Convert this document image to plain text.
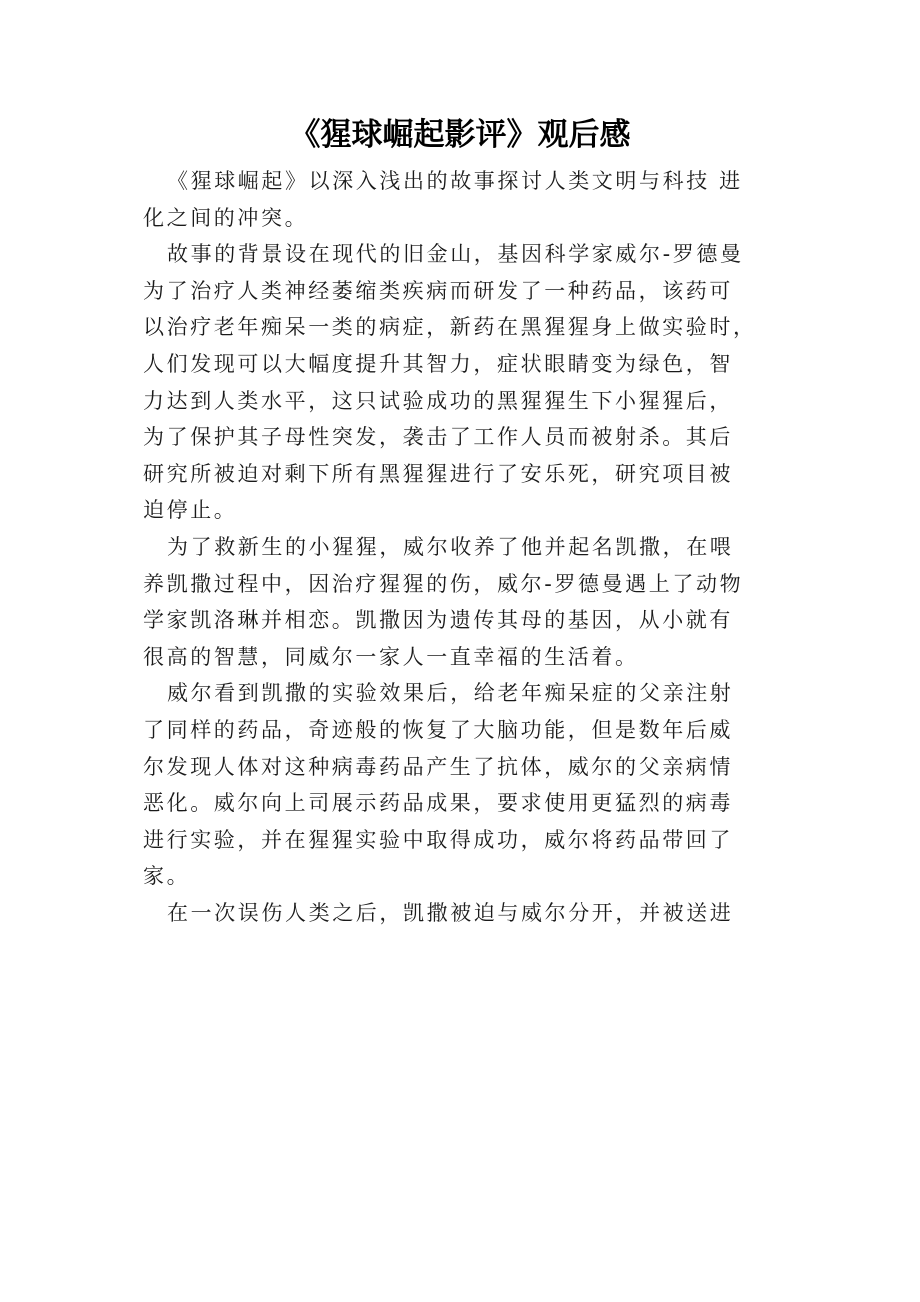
《猩球崛起影评》观后感
《猩球崛起》以深入浅出的故事探讨人类文明与科技 进
化之间的冲突。
故事的背景设在现代的旧金山，基因科学家威尔-罗德曼
为了治疗人类神经萎缩类疾病而研发了一种药品，该药可
以治疗老年痴呆一类的病症，新药在黑猩猩身上做实验时，
人们发现可以大幅度提升其智力，症状眼睛变为绿色，智
力达到人类水平，这只试验成功的黑猩猩生下小猩猩后，
为了保护其子母性突发，袭击了工作人员而被射杀。其后
研究所被迫对剩下所有黑猩猩进行了安乐死，研究项目被
迫停止。
为了救新生的小猩猩，威尔收养了他并起名凯撒，在喂
养凯撒过程中，因治疗猩猩的伤，威尔-罗德曼遇上了动物
学家凯洛琳并相恋。凯撒因为遗传其母的基因，从小就有
很高的智慧，同威尔一家人一直幸福的生活着。
威尔看到凯撒的实验效果后，给老年痴呆症的父亲注射
了同样的药品，奇迹般的恢复了大脑功能，但是数年后威
尔发现人体对这种病毒药品产生了抗体，威尔的父亲病情
恶化。威尔向上司展示药品成果，要求使用更猛烈的病毒
进行实验，并在猩猩实验中取得成功，威尔将药品带回了
家。
在一次误伤人类之后，凯撒被迫与威尔分开，并被送进
